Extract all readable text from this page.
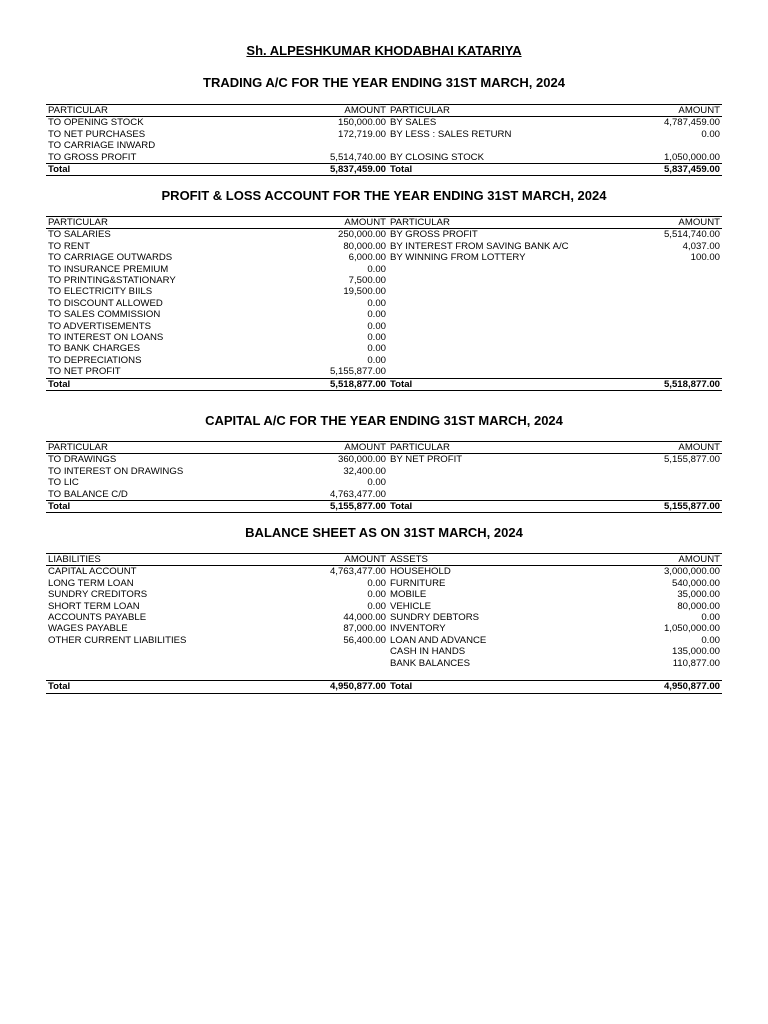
Sh. ALPESHKUMAR KHODABHAI KATARIYA
TRADING A/C FOR THE YEAR ENDING 31ST MARCH, 2024
PARTICULAR	AMOUNT	PARTICULAR	AMOUNT
TO OPENING STOCK	150,000.00	BY SALES	4,787,459.00
TO NET PURCHASES	172,719.00	BY LESS : SALES RETURN	0.00
TO CARRIAGE INWARD			
TO GROSS PROFIT	5,514,740.00	BY CLOSING STOCK	1,050,000.00
Total	5,837,459.00	Total	5,837,459.00
PROFIT & LOSS ACCOUNT FOR THE YEAR ENDING 31ST MARCH, 2024
PARTICULAR	AMOUNT	PARTICULAR	AMOUNT
TO SALARIES	250,000.00	BY GROSS PROFIT	5,514,740.00
TO RENT	80,000.00	BY INTEREST FROM SAVING BANK A/C	4,037.00
TO CARRIAGE OUTWARDS	6,000.00	BY WINNING FROM LOTTERY	100.00
TO INSURANCE PREMIUM	0.00		
TO PRINTING&STATIONARY	7,500.00		
TO ELECTRICITY BIILS	19,500.00		
TO DISCOUNT ALLOWED	0.00		
TO SALES COMMISSION	0.00		
TO ADVERTISEMENTS	0.00		
TO INTEREST ON LOANS	0.00		
TO BANK CHARGES	0.00		
TO DEPRECIATIONS	0.00		
TO NET PROFIT	5,155,877.00		
Total	5,518,877.00	Total	5,518,877.00
CAPITAL A/C FOR THE YEAR ENDING 31ST MARCH, 2024
PARTICULAR	AMOUNT	PARTICULAR	AMOUNT
TO DRAWINGS	360,000.00	BY NET PROFIT	5,155,877.00
TO INTEREST ON DRAWINGS	32,400.00		
TO LIC	0.00		
TO BALANCE C/D	4,763,477.00		
Total	5,155,877.00	Total	5,155,877.00
BALANCE SHEET AS ON 31ST MARCH, 2024
LIABILITIES	AMOUNT	ASSETS	AMOUNT
CAPITAL ACCOUNT	4,763,477.00	HOUSEHOLD	3,000,000.00
LONG TERM LOAN	0.00	FURNITURE	540,000.00
SUNDRY CREDITORS	0.00	MOBILE	35,000.00
SHORT TERM LOAN	0.00	VEHICLE	80,000.00
ACCOUNTS PAYABLE	44,000.00	SUNDRY DEBTORS	0.00
WAGES PAYABLE	87,000.00	INVENTORY	1,050,000.00
OTHER CURRENT LIABILITIES	56,400.00	LOAN AND ADVANCE	0.00
		CASH IN HANDS	135,000.00
		BANK BALANCES	110,877.00

Total	4,950,877.00	Total	4,950,877.00
